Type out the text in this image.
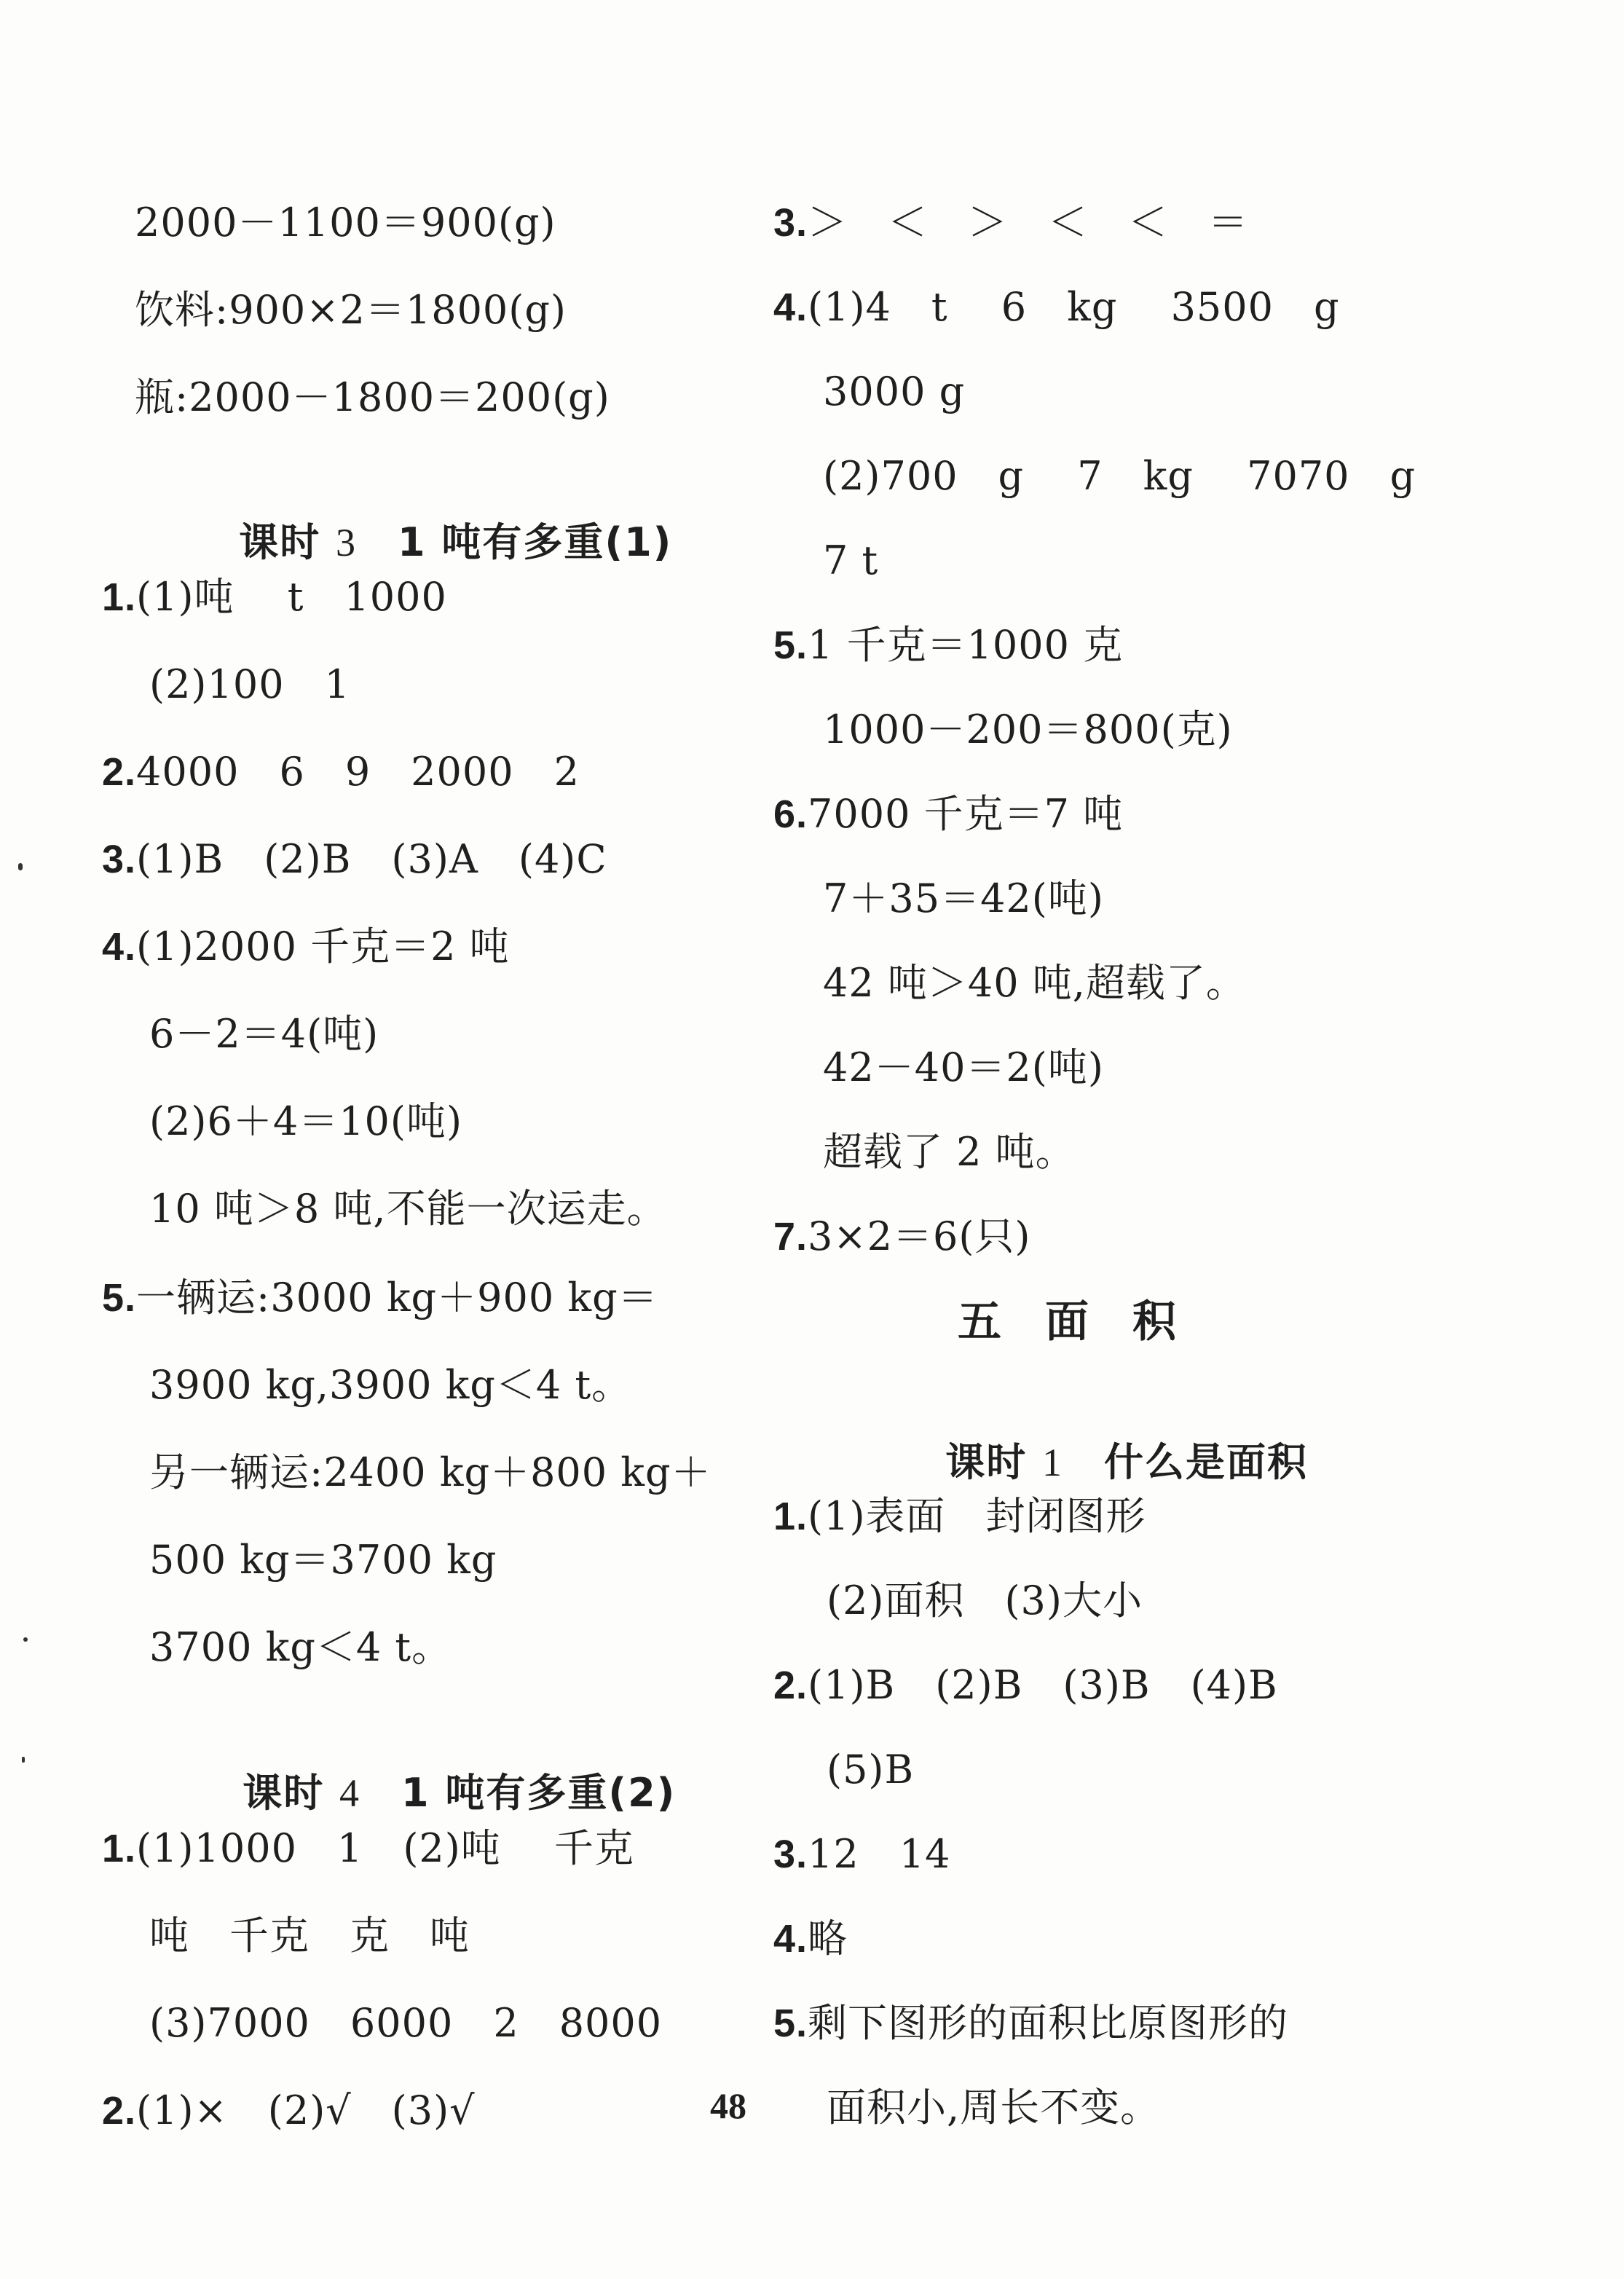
2000－1100＝900(g)
饮料:900×2＝1800(g)
瓶:2000－1800＝200(g)

课时 3　 1 吨有多重(1)

1.(1)吨　 t　1000
(2)100　1
2.4000　6　9　2000　2
3.(1)B　(2)B　(3)A　(4)C
4.(1)2000 千克＝2 吨
6－2＝4(吨)
(2)6＋4＝10(吨)
10 吨＞8 吨,不能一次运走。
5.一辆运:3000 kg＋900 kg＝
3900 kg,3900 kg＜4 t。
另一辆运:2400 kg＋800 kg＋
500 kg＝3700 kg
3700 kg＜4 t。

课时 4　 1 吨有多重(2)

1.(1)1000　1　(2)吨　 千克
吨　千克　克　吨
(3)7000　6000　2　8000
2.(1)×　(2)√　(3)√
3.＞　＜　＞　＜　＜　＝
4.(1)4　t　 6　kg　 3500　g
3000 g
(2)700　g　 7　kg　 7070　g
7 t
5.1 千克＝1000 克
1000－200＝800(克)
6.7000 千克＝7 吨
7＋35＝42(吨)
42 吨＞40 吨,超载了。
42－40＝2(吨)
超载了 2 吨。
7.3×2＝6(只)
五面积

课时 1　 什么是面积

1.(1)表面　封闭图形
(2)面积　(3)大小
2.(1)B　(2)B　(3)B　(4)B
(5)B
3.12　14
4.略
5.剩下图形的面积比原图形的
面积小,周长不变。
48
